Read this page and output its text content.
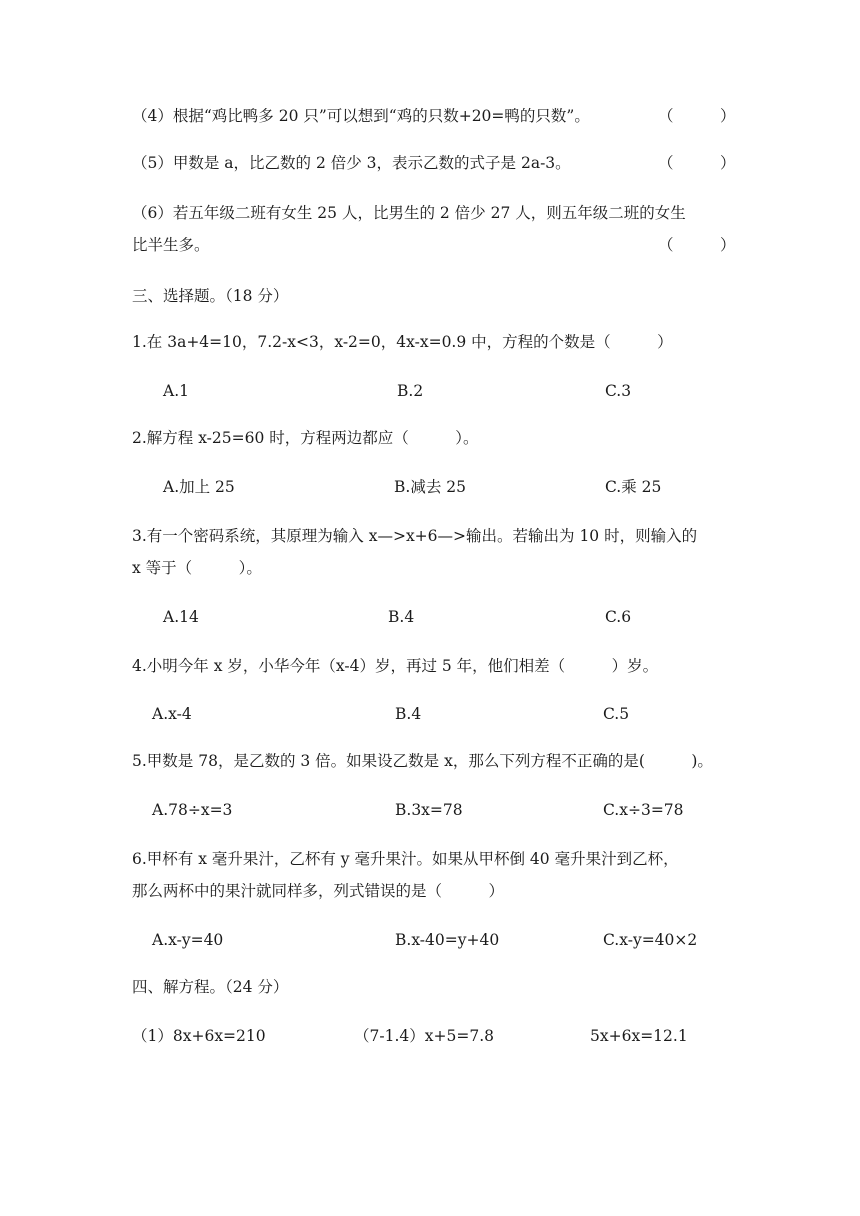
（4）根据“鸡比鸭多 20 只”可以想到“鸡的只数+20=鸭的只数”。	（　　　）
（5）甲数是 a，比乙数的 2 倍少 3，表示乙数的式子是 2a-3。	（　　　）
（6）若五年级二班有女生 25 人，比男生的 2 倍少 27 人，则五年级二班的女生
比半生多。	（　　　）
三、选择题。（18 分）
1.在 3a+4=10，7.2-x<3，x-2=0，4x-x=0.9 中，方程的个数是（　　　）
A.1	B.2	C.3
2.解方程 x-25=60 时，方程两边都应（　　　）。
A.加上 25	B.减去 25	C.乘 25
3.有一个密码系统，其原理为输入 x—>x+6—>输出。若输出为 10 时，则输入的
x 等于（　　　）。
A.14	B.4	C.6
4.小明今年 x 岁，小华今年（x-4）岁，再过 5 年，他们相差（　　　）岁。
A.x-4	B.4	C.5
5.甲数是 78，是乙数的 3 倍。如果设乙数是 x，那么下列方程不正确的是(　　　)。
A.78÷x=3	B.3x=78	C.x÷3=78
6.甲杯有 x 毫升果汁，乙杯有 y 毫升果汁。如果从甲杯倒 40 毫升果汁到乙杯，
那么两杯中的果汁就同样多，列式错误的是（　　　）
A.x-y=40	B.x-40=y+40	C.x-y=40×2
四、解方程。（24 分）
（1）8x+6x=210	（7-1.4）x+5=7.8	5x+6x=12.1
